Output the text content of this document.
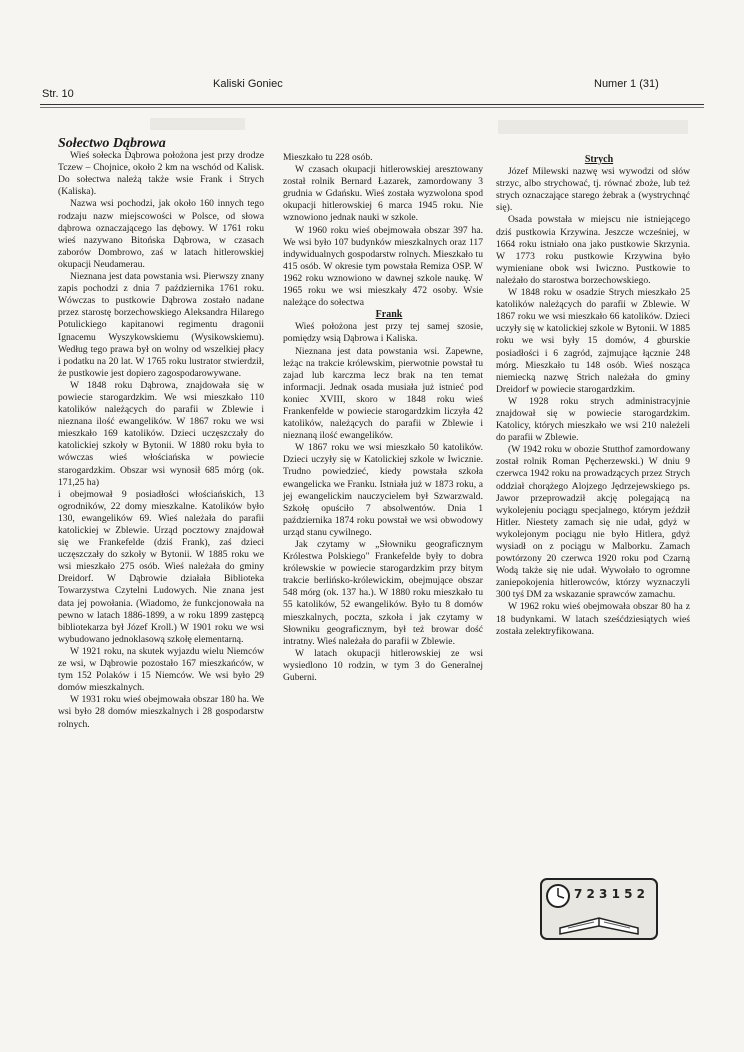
Str. 10
Kaliski Goniec	Numer 1 (31)

Sołectwo Dąbrowa

Wieś sołecka Dąbrowa położona jest przy drodze Tczew – Chojnice, około 2 km na wschód od Kalisk. Do sołectwa należą także wsie Frank i Strych (Kaliska).

Nazwa wsi pochodzi, jak około 160 innych tego rodzaju nazw miejscowości w Polsce, od słowa dąbrowa oznaczającego las dębowy. W 1761 roku wieś nazywano Bitońska Dąbrowa, w czasach zaborów Dombrowo, zaś w latach hitlerowskiej okupacji Neudamerau.

Nieznana jest data powstania wsi. Pierwszy znany zapis pochodzi z dnia 7 października 1761 roku. Wówczas to pustkowie Dąbrowa zostało nadane przez starostę borzechowskiego Aleksandra Hilarego Potulickiego kapitanowi regimentu dragonii Ignacemu Wyszykowskiemu (Wysikowskiemu). Według tego prawa był on wolny od wszelkiej płacy i podatku na 20 lat. W 1765 roku lustrator stwierdził, że pustkowie jest dopiero zagospodarowywane.

W 1848 roku Dąbrowa, znajdowała się w powiecie starogardzkim. We wsi mieszkało 110 katolików należących do parafii w Zblewie i nieznana ilość ewangelików. W 1867 roku we wsi mieszkało 169 katolików. Dzieci uczęszczały do katolickiej szkoły w Bytonii. W 1880 roku była to wówczas wieś włościańska w powiecie starogardzkim. Obszar wsi wynosił 685 mórg (ok. 171,25 ha)

i obejmował 9 posiadłości włościańskich, 13 ogrodników, 22 domy mieszkalne. Katolików było 130, ewangelików 69. Wieś należała do parafii katolickiej w Zblewie. Urząd pocztowy znajdował się we Frankefelde (dziś Frank), zaś dzieci uczęszczały do szkoły w Bytonii. W 1885 roku we wsi mieszkało 275 osób. Wieś należała do gminy Dreidorf. W Dąbrowie działała Biblioteka Towarzystwa Czytelni Ludowych. Nie znana jest data jej powołania. (Wiadomo, że funkcjonowała na pewno w latach 1886-1899, a w roku 1899 zastępcą bibliotekarza był Józef Kroll.) W 1901 roku we wsi wybudowano jednoklasową szkołę elementarną.

W 1921 roku, na skutek wyjazdu wielu Niemców ze wsi, w Dąbrowie pozostało 167 mieszkańców, w tym 152 Polaków i 15 Niemców. We wsi było 29 domów mieszkalnych.

W 1931 roku wieś obejmowała obszar 180 ha. We wsi było 28 domów mieszkalnych i 28 gospodarstw rolnych.

Mieszkało tu 228 osób.

W czasach okupacji hitlerowskiej aresztowany został rolnik Bernard Łazarek, zamordowany 3 grudnia w Gdańsku. Wieś została wyzwolona spod okupacji hitlerowskiej 6 marca 1945 roku. Nie wznowiono jednak nauki w szkole.

W 1960 roku wieś obejmowała obszar 397 ha. We wsi było 107 budynków mieszkalnych oraz 117 indywidualnych gospodarstw rolnych. Mieszkało tu 415 osób. W okresie tym powstała Remiza OSP. W 1962 roku wznowiono w dawnej szkole naukę. W 1965 roku we wsi mieszkały 472 osoby. Wsie należące do sołectwa

Frank

Wieś położona jest przy tej samej szosie, pomiędzy wsią Dąbrowa i Kaliska.

Nieznana jest data powstania wsi. Zapewne, leżąc na trakcie królewskim, pierwotnie powstał tu zajad lub karczma lecz brak na ten temat informacji. Jednak osada musiała już istnieć pod koniec XVIII, skoro w 1848 roku wieś Frankenfelde w powiecie starogardzkim liczyła 42 katolików, należących do parafii w Zblewie i nieznaną ilość ewangelików.

W 1867 roku we wsi mieszkało 50 katolików. Dzieci uczyły się w Katolickiej szkole w Iwicznie. Trudno powiedzieć, kiedy powstała szkoła ewangelicka we Franku. Istniała już w 1873 roku, a jej ewangelickim nauczycielem był Szwarzwald. Szkołę opuściło 7 absolwentów. Dnia 1 października 1874 roku powstał we wsi obwodowy urząd stanu cywilnego.

Jak czytamy w „Słowniku geograficznym Królestwa Polskiego" Frankefelde były to dobra królewskie w powiecie starogardzkim przy bitym trakcie berlińsko-królewickim, obejmujące obszar 548 mórg (ok. 137 ha.). W 1880 roku mieszkało tu 55 katolików, 52 ewangelików. Było tu 8 domów mieszkalnych, poczta, szkoła i jak czytamy w Słowniku geograficznym, był też browar dość intratny. Wieś należała do parafii w Zblewie.

W latach okupacji hitlerowskiej ze wsi wysiedlono 10 rodzin, w tym 3 do Generalnej Guberni.

Strych

Józef Milewski nazwę wsi wywodzi od słów strzyc, albo strychować, tj. równać zboże, lub też strych oznaczające starego żebrak a (wystrychnąć się).

Osada powstała w miejscu nie istniejącego dziś pustkowia Krzywina. Jeszcze wcześniej, w 1664 roku istniało ona jako pustkowie Skrzynia. W 1773 roku pustkowie Krzywina było wymieniane obok wsi Iwiczno. Pustkowie to należało do starostwa borzechowskiego.

W 1848 roku w osadzie Strych mieszkało 25 katolików należących do parafii w Zblewie. W 1867 roku we wsi mieszkało 66 katolików. Dzieci uczyły się w katolickiej szkole w Bytonii. W 1885 roku we wsi były 15 domów, 4 gburskie posiadłości i 6 zagród, zajmujące łącznie 248 mórg. Mieszkało tu 148 osób. Wieś nosząca niemiecką nazwę Strich należała do gminy Dreidorf w powiecie starogardzkim.

W 1928 roku strych administracyjnie znajdował się w powiecie starogardzkim. Katolicy, których mieszkało we wsi 210 należeli do parafii w Zblewie.

(W 1942 roku w obozie Stutthof zamordowany został rolnik Roman Pęcherzewski.) W dniu 9 czerwca 1942 roku na prowadzących przez Strych oddział chorążego Alojzego Jędrzejewskiego ps. Jawor przeprowadził akcję polegającą na wykolejeniu pociągu specjalnego, którym jeździł Hitler. Niestety zamach się nie udał, gdyż w wykolejonym pociągu nie było Hitlera, gdyż wysiadł on z pociągu w Malborku. Zamach powtórzony 20 czerwca 1920 roku pod Czarną Wodą także się nie udał. Wywołało to ogromne zaniepokojenia hitlerowców, którzy wyznaczyli 300 tyś DM za wskazanie sprawców zamachu.

W 1962 roku wieś obejmowała obszar 80 ha z 18 budynkami. W latach sześćdziesiątych wieś została zelektryfikowana.

7 2 3 1 5 2
